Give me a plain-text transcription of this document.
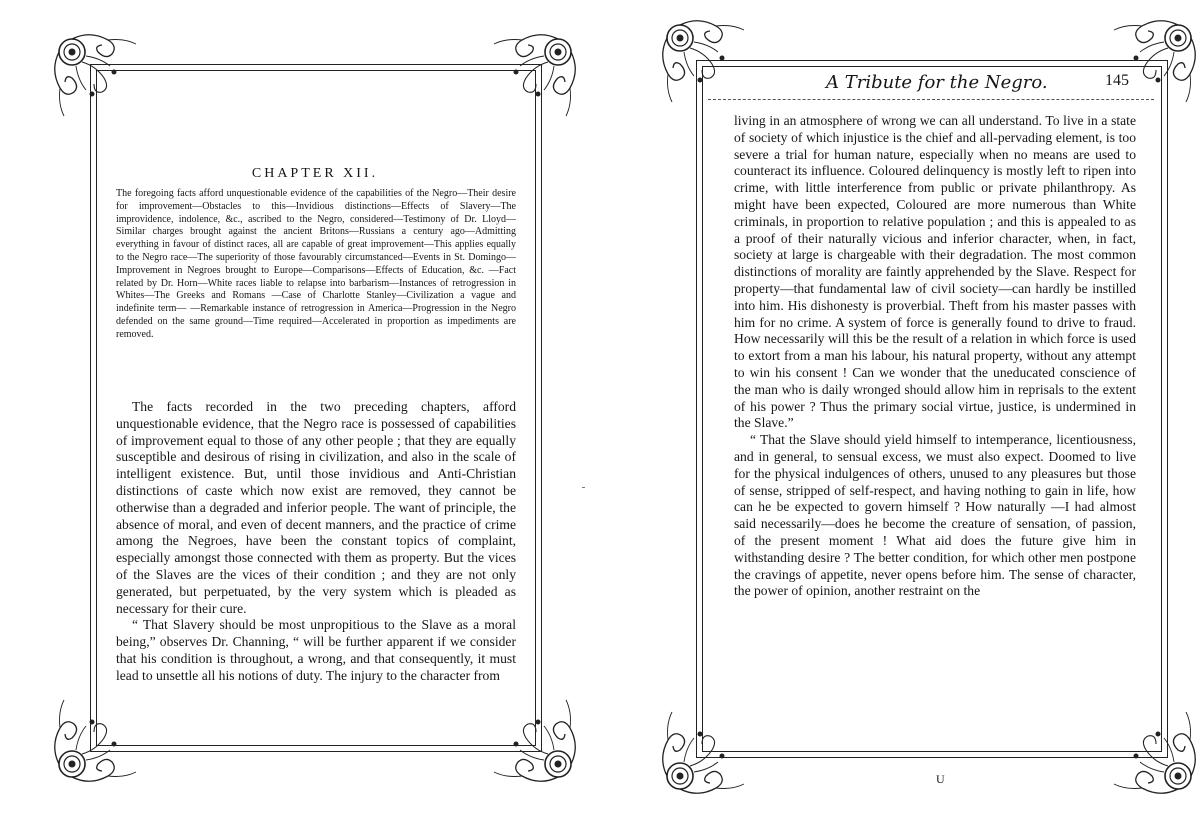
CHAPTER XII.
The foregoing facts afford unquestionable evidence of the capabilities of the Negro—Their desire for improvement—Obstacles to this—Invidious distinctions—Effects of Slavery—The improvidence, indolence, &c., ascribed to the Negro, considered—Testimony of Dr. Lloyd—Similar charges brought against the ancient Britons—Russians a century ago—Admitting everything in favour of distinct races, all are capable of great improvement—This applies equally to the Negro race—The superiority of those favourably circumstanced—Events in St. Domingo—Improvement in Negroes brought to Europe—Comparisons—Effects of Education, &c. —Fact related by Dr. Horn—White races liable to relapse into barbarism—Instances of retrogression in Whites—The Greeks and Romans —Case of Charlotte Stanley—Civilization a vague and indefinite term— —Remarkable instance of retrogression in America—Progression in the Negro defended on the same ground—Time required—Accelerated in proportion as impediments are removed.

The facts recorded in the two preceding chapters, afford unquestionable evidence, that the Negro race is possessed of capabilities of improvement equal to those of any other people ; that they are equally susceptible and desirous of rising in civilization, and also in the scale of intelligent existence. But, until those invidious and Anti-Christian distinctions of caste which now exist are removed, they cannot be otherwise than a degraded and inferior people. The want of principle, the absence of moral, and even of decent manners, and the practice of crime among the Negroes, have been the constant topics of complaint, especially amongst those connected with them as property. But the vices of the Slaves are the vices of their condition ; and they are not only generated, but perpetuated, by the very system which is pleaded as necessary for their cure.

“ That Slavery should be most unpropitious to the Slave as a moral being,” observes Dr. Channing, “ will be further apparent if we consider that his condition is throughout, a wrong, and that consequently, it must lead to unsettle all his notions of duty. The injury to the character from

A Tribute for the Negro.	145

living in an atmosphere of wrong we can all understand. To live in a state of society of which injustice is the chief and all-pervading element, is too severe a trial for human nature, especially when no means are used to counteract its influence. Coloured delinquency is mostly left to ripen into crime, with little interference from public or private philanthropy. As might have been expected, Coloured are more numerous than White criminals, in proportion to relative population ; and this is appealed to as a proof of their naturally vicious and inferior character, when, in fact, society at large is chargeable with their degradation. The most common distinctions of morality are faintly apprehended by the Slave. Respect for property—that fundamental law of civil society—can hardly be instilled into him. His dishonesty is proverbial. Theft from his master passes with him for no crime. A system of force is generally found to drive to fraud. How necessarily will this be the result of a relation in which force is used to extort from a man his labour, his natural property, without any attempt to win his consent ! Can we wonder that the uneducated conscience of the man who is daily wronged should allow him in reprisals to the extent of his power ? Thus the primary social virtue, justice, is undermined in the Slave.”

“ That the Slave should yield himself to intemperance, licentiousness, and in general, to sensual excess, we must also expect. Doomed to live for the physical indulgences of others, unused to any pleasures but those of sense, stripped of self-respect, and having nothing to gain in life, how can he be expected to govern himself ? How naturally —I had almost said necessarily—does he become the creature of sensation, of passion, of the present moment ! What aid does the future give him in withstanding desire ? The better condition, for which other men postpone the cravings of appetite, never opens before him. The sense of character, the power of opinion, another restraint on the

U
